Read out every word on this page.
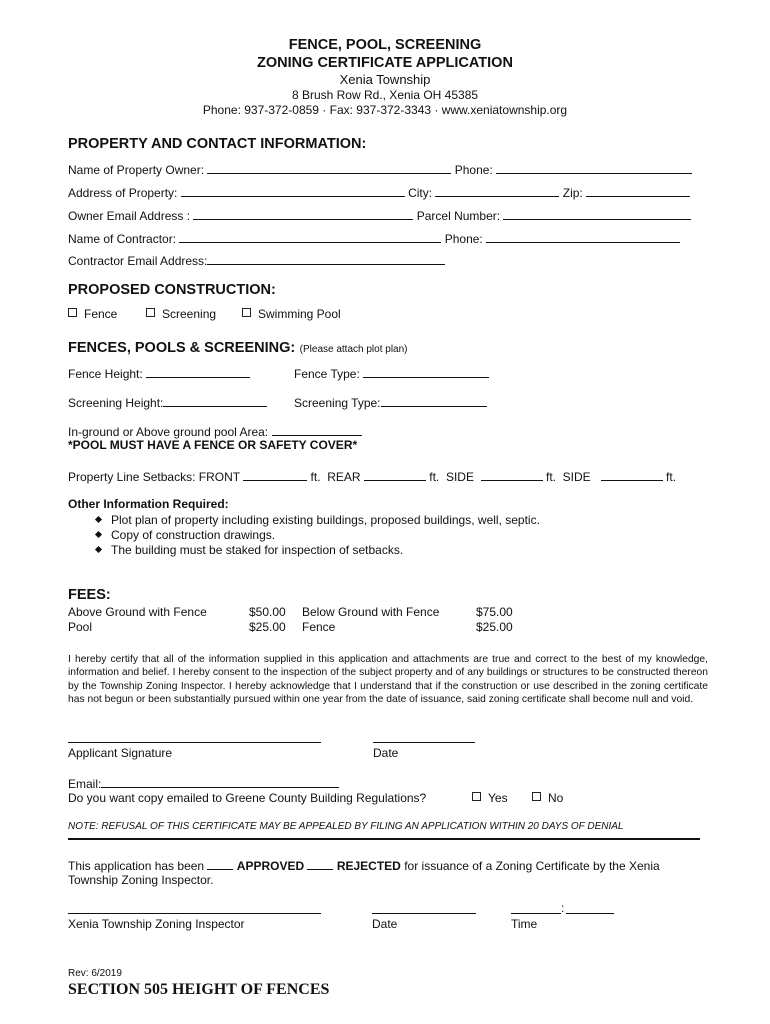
FENCE, POOL, SCREENING
ZONING CERTIFICATE APPLICATION
Xenia Township
8 Brush Row Rd., Xenia OH 45385
Phone: 937-372-0859 · Fax: 937-372-3343 · www.xeniatownship.org
PROPERTY AND CONTACT INFORMATION:
Name of Property Owner:	Phone:
Address of Property:	City:	Zip:
Owner Email Address :	Parcel Number:
Name of Contractor:	Phone:
Contractor Email Address:
PROPOSED CONSTRUCTION:
Fence	Screening	Swimming Pool
FENCES, POOLS & SCREENING: (Please attach plot plan)
Fence Height:	Fence Type:
Screening Height:	Screening Type:
In-ground or Above ground pool Area:
*POOL MUST HAVE A FENCE OR SAFETY COVER*
Property Line Setbacks: FRONT	ft. REAR	ft. SIDE	ft. SIDE	ft.
Other Information Required:
Plot plan of property including existing buildings, proposed buildings, well, septic.
Copy of construction drawings.
The building must be staked for inspection of setbacks.
FEES:
Above Ground with Fence	$50.00 Below Ground with Fence	$75.00
Pool	$25.00 Fence	$25.00
I hereby certify that all of the information supplied in this application and attachments are true and correct to the best of my knowledge, information and belief. I hereby consent to the inspection of the subject property and of any buildings or structures to be constructed thereon by the Township Zoning Inspector. I hereby acknowledge that I understand that if the construction or use described in the zoning certificate has not begun or been substantially pursued within one year from the date of issuance, said zoning certificate shall become null and void.
Applicant Signature	Date
Email:
Do you want copy emailed to Greene County Building Regulations?	Yes	No
NOTE: REFUSAL OF THIS CERTIFICATE MAY BE APPEALED BY FILING AN APPLICATION WITHIN 20 DAYS OF DENIAL
This application has been	APPROVED	REJECTED for issuance of a Zoning Certificate by the Xenia
Township Zoning Inspector.
:
Xenia Township Zoning Inspector	Date	Time
Rev: 6/2019
SECTION 505 HEIGHT OF FENCES
